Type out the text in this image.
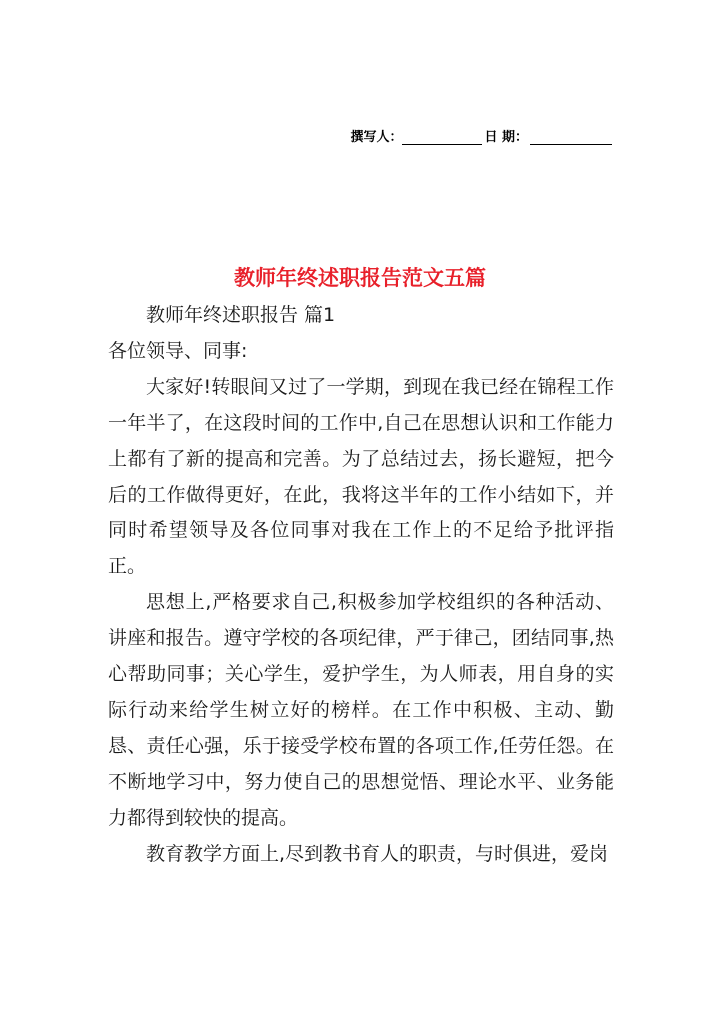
撰写人：	日 期：
教师年终述职报告范文五篇

教师年终述职报告 篇1

各位领导、同事:

大家好!转眼间又过了一学期，到现在我已经在锦程工作一年半了，在这段时间的工作中,自己在思想认识和工作能力上都有了新的提高和完善。为了总结过去，扬长避短，把今后的工作做得更好，在此，我将这半年的工作小结如下，并同时希望领导及各位同事对我在工作上的不足给予批评指正。

思想上,严格要求自己,积极参加学校组织的各种活动、讲座和报告。遵守学校的各项纪律，严于律己，团结同事,热心帮助同事；关心学生，爱护学生，为人师表，用自身的实际行动来给学生树立好的榜样。在工作中积极、主动、勤恳、责任心强，乐于接受学校布置的各项工作,任劳任怨。在不断地学习中，努力使自己的思想觉悟、理论水平、业务能力都得到较快的提高。

教育教学方面上,尽到教书育人的职责，与时俱进，爱岗
